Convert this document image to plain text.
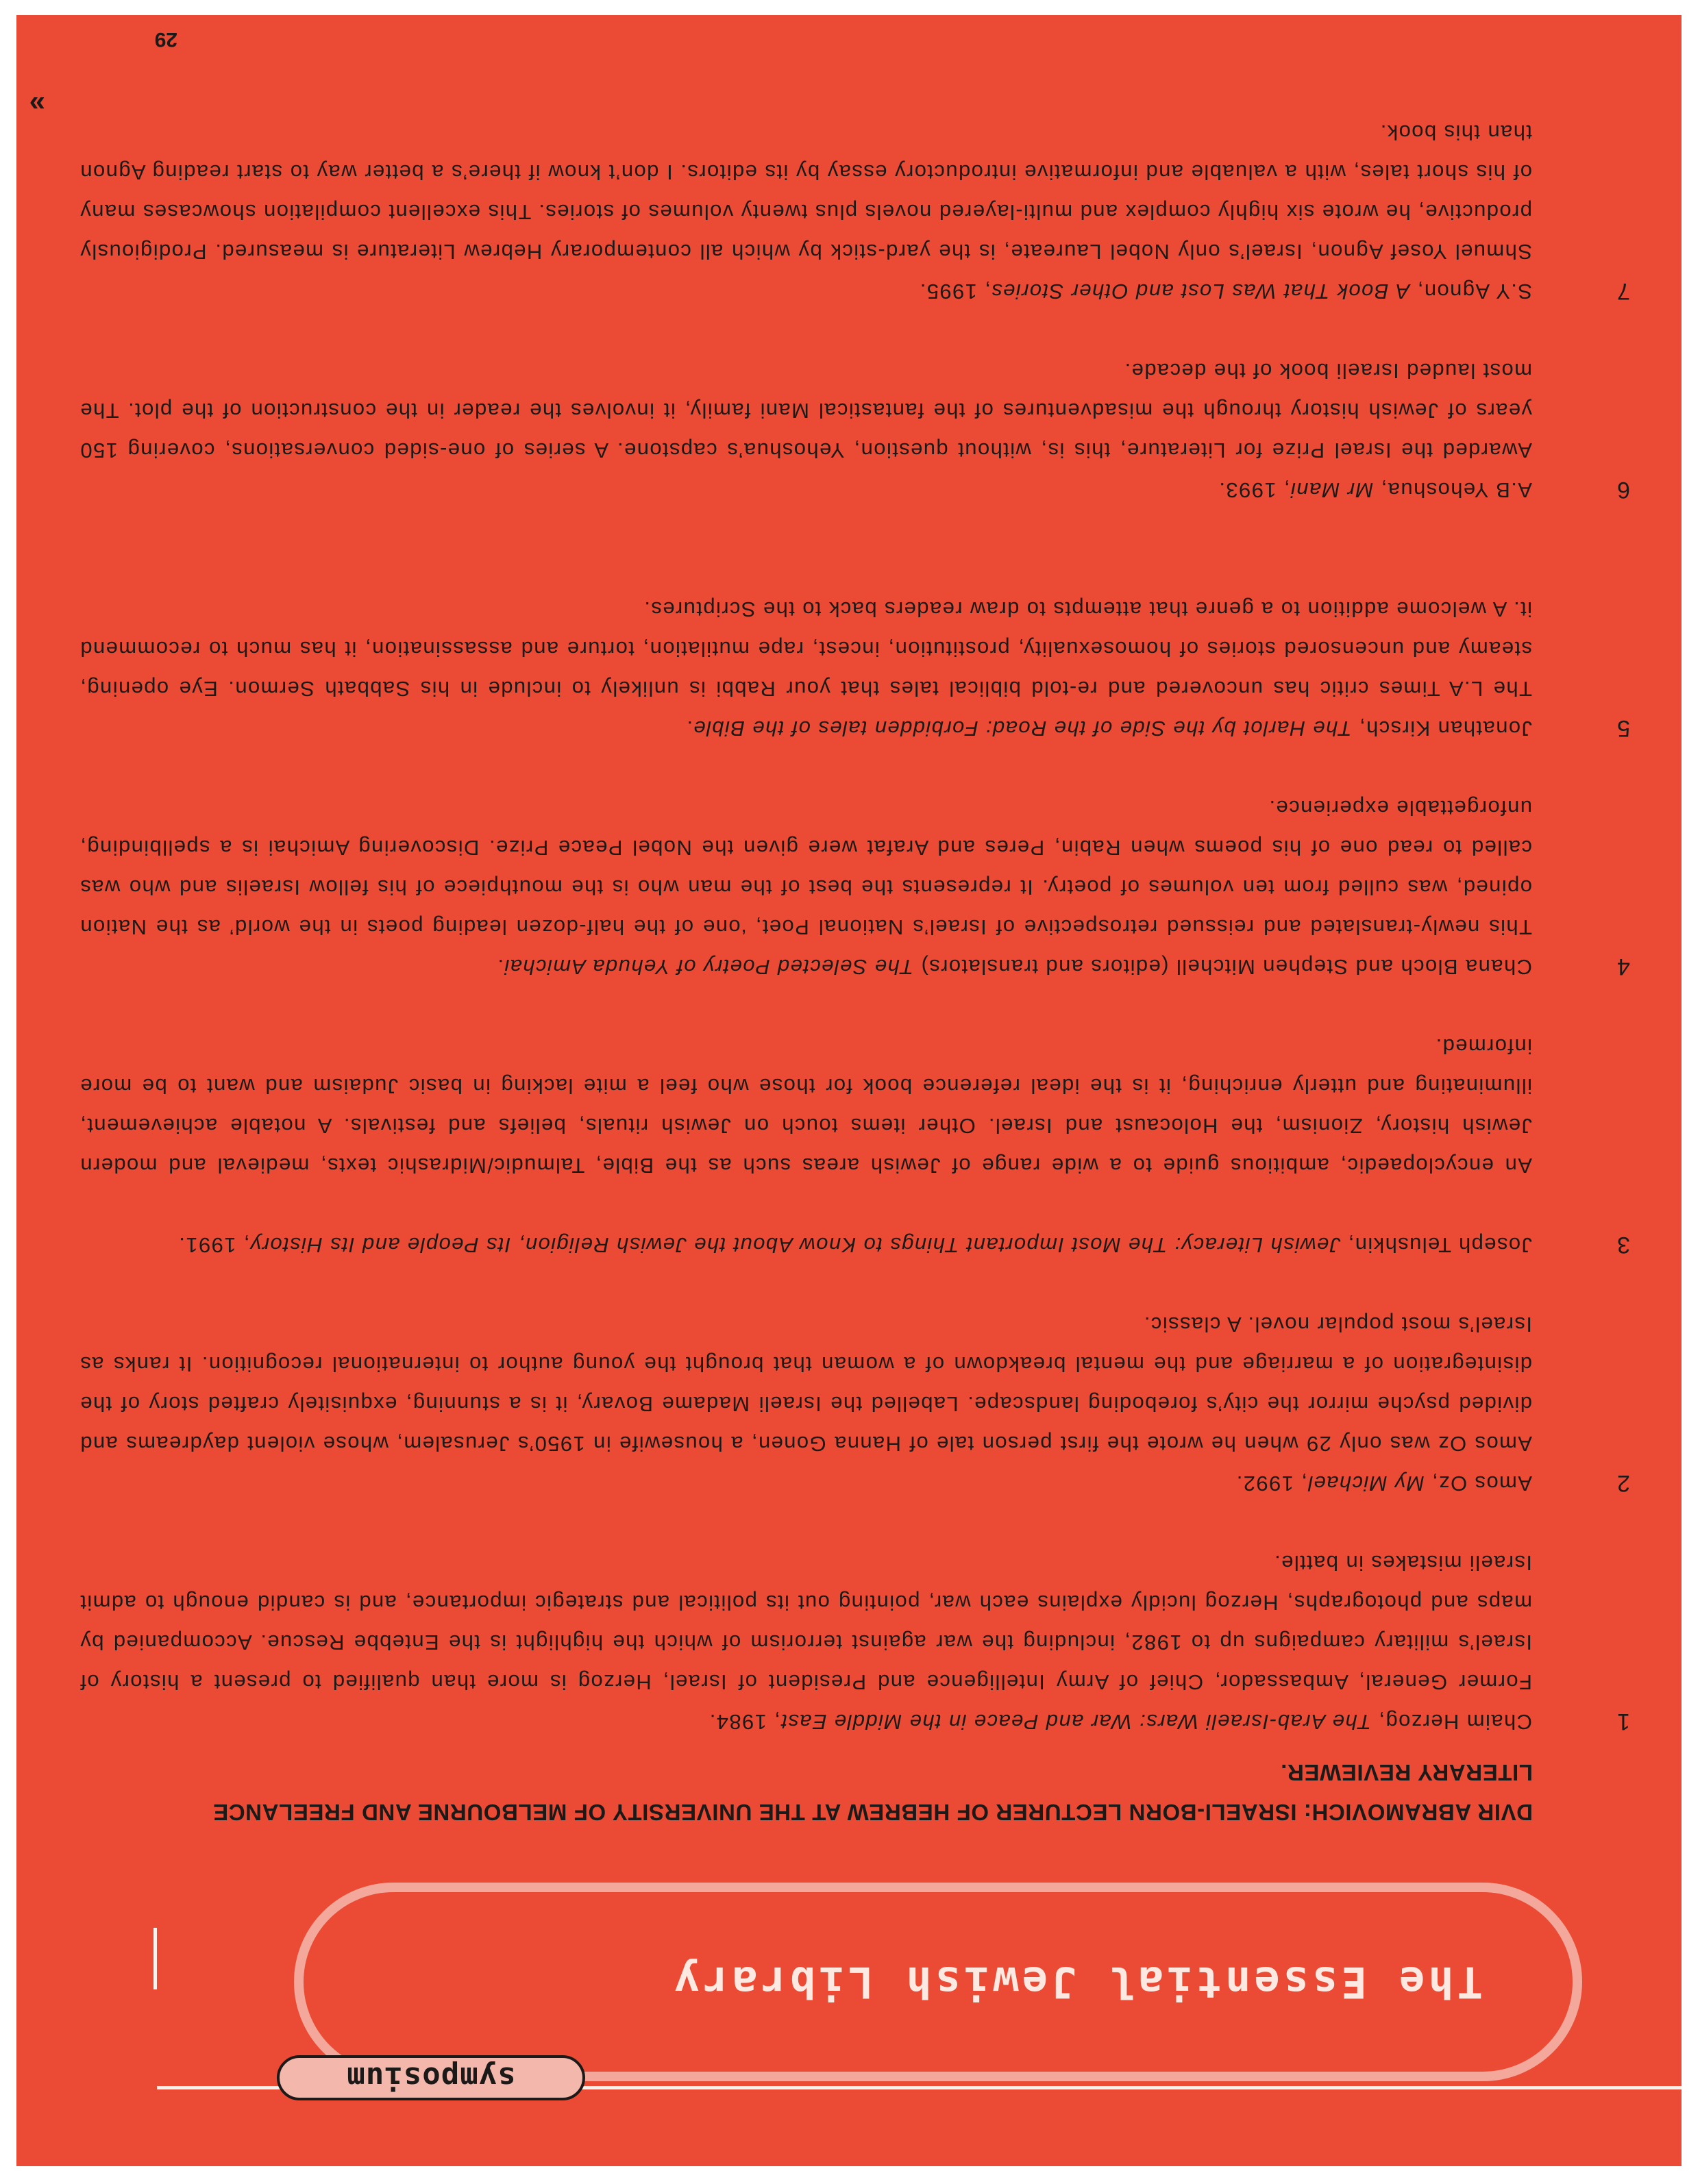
symposium
The Essential Jewish Library
DVIR ABRAMOVICH: ISRAELI-BORN LECTURER OF HEBREW AT THE UNIVERSITY OF MELBOURNE AND FREELANCE LITERARY REVIEWER.
1
Chaim Herzog, The Arab-Israeli Wars: War and Peace in the Middle East, 1984.
Former General, Ambassador, Chief of Army Intelligence and President of Israel, Herzog is more than qualified to present a history of Israel’s military campaigns up to 1982, including the war against terrorism of which the highlight is the Entebbe Rescue. Accompanied by maps and photographs, Herzog lucidly explains each war, pointing out its political and strategic importance, and is candid enough to admit Israeli mistakes in battle.
2
Amos Oz, My Michael, 1992.
Amos Oz was only 29 when he wrote the first person tale of Hanna Gonen, a housewife in 1950’s Jerusalem, whose violent daydreams and divided psyche mirror the city’s foreboding landscape. Labelled the Israeli Madame Bovary, it is a stunning, exquisitely crafted story of the disintegration of a marriage and the mental breakdown of a woman that brought the young author to international recognition. It ranks as Israel’s most popular novel. A classic.
3
Joseph Telushkin, Jewish Literacy: The Most Important Things to Know About the Jewish Religion, Its People and Its History, 1991.
An encyclopaedic, ambitious guide to a wide range of Jewish areas such as the Bible, Talmudic/Midrashic texts, medieval and modern Jewish history, Zionism, the Holocaust and Israel. Other items touch on Jewish rituals, beliefs and festivals. A notable achievement, illuminating and utterly enriching, it is the ideal reference book for those who feel a mite lacking in basic Judaism and want to be more informed.
4
Chana Bloch and Stephen Mitchell (editors and translators) The Selected Poetry of Yehuda Amichai.
This newly-translated and reissued retrospective of Israel’s National Poet, ‘one of the half-dozen leading poets in the world’ as the Nation opined, was culled from ten volumes of poetry. It represents the best of the man who is the mouthpiece of his fellow Israelis and who was called to read one of his poems when Rabin, Peres and Arafat were given the Nobel Peace Prize. Discovering Amichai is a spellbinding, unforgettable experience.
5
Jonathan Kirsch, The Harlot by the Side of the Road: Forbidden tales of the Bible.
The L.A Times critic has uncovered and re-told biblical tales that your Rabbi is unlikely to include in his Sabbath Sermon. Eye opening, steamy and uncensored stories of homosexuality, prostitution, incest, rape mutilation, torture and assassination, it has much to recommend it. A welcome addition to a genre that attempts to draw readers back to the Scriptures.
6
A.B Yehoshua, Mr Mani, 1993.
Awarded the Israel Prize for Literature, this is, without question, Yehoshua’s capstone. A series of one-sided conversations, covering 150 years of Jewish history through the misadventures of the fantastical Mani family, it involves the reader in the construction of the plot. The most lauded Israeli book of the decade.
7
S.Y Agnon, A Book That Was Lost and Other Stories, 1995.
Shmuel Yosef Agnon, Israel’s only Nobel Laureate, is the yard-stick by which all contemporary Hebrew Literature is measured. Prodigiously productive, he wrote six highly complex and multi-layered novels plus twenty volumes of stories. This excellent compilation showcases many of his short tales, with a valuable and informative introductory essay by its editors. I don’t know if there’s a better way to start reading Agnon than this book.
»
29
